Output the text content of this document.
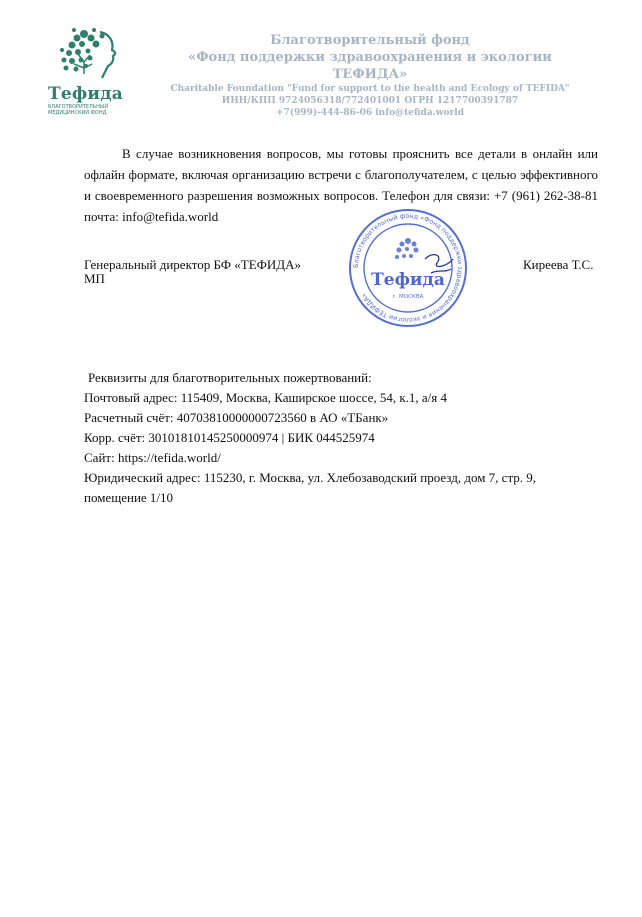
Тефида
БЛАГОТВОРИТЕЛЬНЫЙ
МЕДИЦИНСКИЙ ФОНД
Благотворительный фонд
«Фонд поддержки здравоохранения и экологии ТЕФИДА»
Charitable Foundation "Fund for support to the health and Ecology of TEFIDA"
ИНН/КПП 9724056318/772401001 ОГРН 1217700391787
+7(999)-444-86-06 info@tefida.world
В случае возникновения вопросов, мы готовы прояснить все детали в онлайн или офлайн формате, включая организацию встречи с благополучателем, с целью эффективного и своевременного разрешения возможных вопросов. Телефон для связи: +7 (961) 262-38-81 почта: info@tefida.world
Благотворительный фонд «Фонд поддержки здравоохранения и экологии ТЕФИДА»
Тефида
г. МОСКВА
Генеральный директор БФ «ТЕФИДА»
МП
Киреева Т.С.
Реквизиты для благотворительных пожертвований:
Почтовый адрес: 115409, Москва, Каширское шоссе, 54, к.1, а/я 4
Расчетный счёт: 40703810000000723560 в АО «ТБанк»
Корр. счёт: 30101810145250000974 | БИК 044525974
Сайт: https://tefida.world/
Юридический адрес: 115230, г. Москва, ул. Хлебозаводский проезд, дом 7, стр. 9,
помещение 1/10
